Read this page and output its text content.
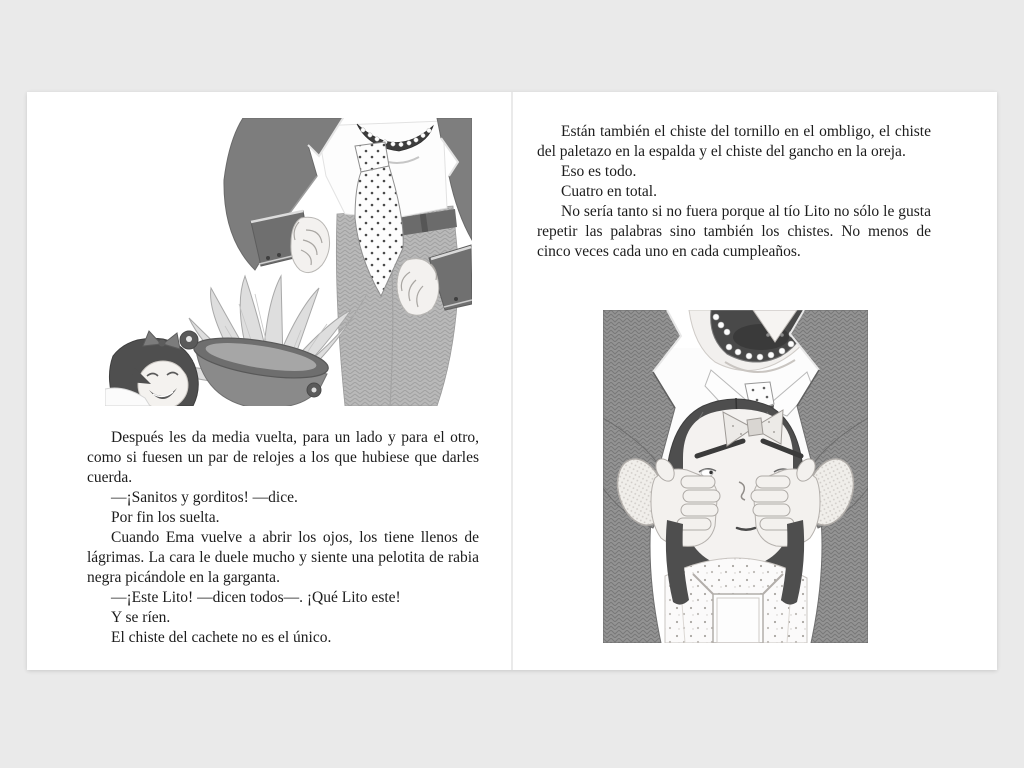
Después les da media vuelta, para un lado y para el otro, como si fuesen un par de relojes a los que hubiese que darles cuerda.

—¡Sanitos y gorditos! —dice.

Por fin los suelta.

Cuando Ema vuelve a abrir los ojos, los tiene llenos de lágrimas. La cara le duele mucho y siente una pelotita de rabia negra picándole en la garganta.

—¡Este Lito! —dicen todos—. ¡Qué Lito este!

Y se ríen.

El chiste del cachete no es el único.

Están también el chiste del tornillo en el ombligo, el chiste del paletazo en la espalda y el chiste del gancho en la oreja.

Eso es todo.

Cuatro en total.

No sería tanto si no fuera porque al tío Lito no sólo le gusta repetir las palabras sino también los chistes. No menos de cinco veces cada uno en cada cumpleaños.
